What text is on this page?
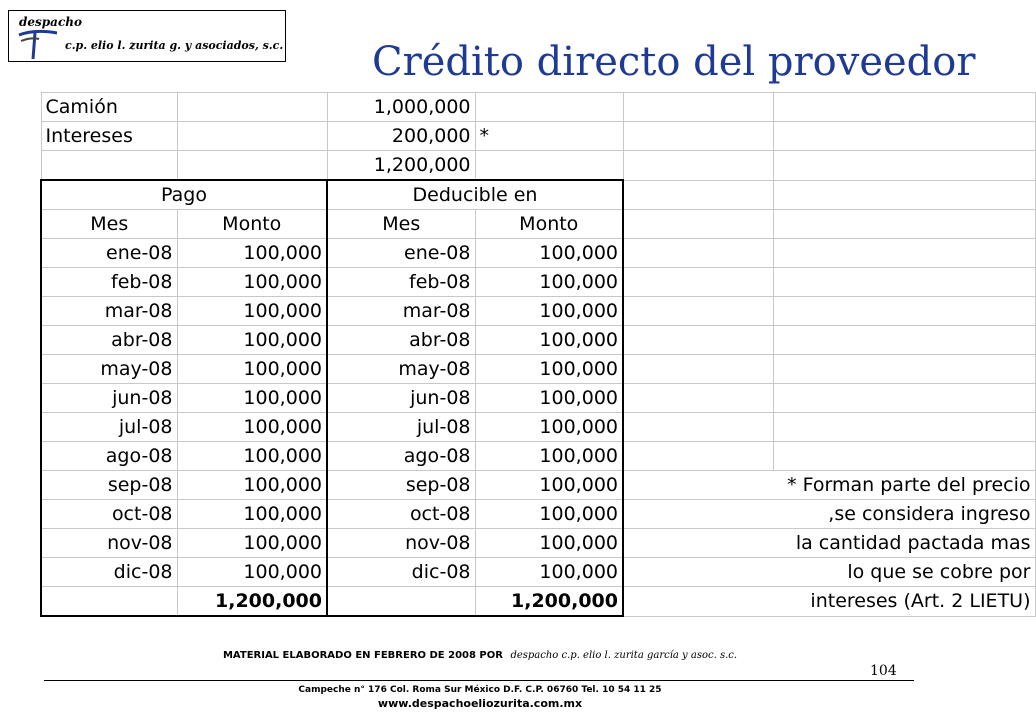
despacho
c.p. elio l. zurita g. y asociados, s.c. Crédito directo del proveedor
Camión		1,000,000			
Intereses		200,000	*		
		1,200,000			
Pago		Deducible en			
Mes	Monto	Mes	Monto		
ene-08	100,000	ene-08	100,000		
feb-08	100,000	feb-08	100,000		
mar-08	100,000	mar-08	100,000		
abr-08	100,000	abr-08	100,000		
may-08	100,000	may-08	100,000		
jun-08	100,000	jun-08	100,000		
jul-08	100,000	jul-08	100,000		
ago-08	100,000	ago-08	100,000		
sep-08	100,000	sep-08	100,000	* Forman parte del precio	
oct-08	100,000	oct-08	100,000	,se considera ingreso	
nov-08	100,000	nov-08	100,000	la cantidad pactada mas	
dic-08	100,000	dic-08	100,000	lo que se cobre por	
	1,200,000		1,200,000	intereses (Art. 2 LIETU)	
MATERIAL ELABORADO EN FEBRERO DE 2008 POR despacho c.p. elio l. zurita garcía y asoc. s.c.
104
Campeche n° 176 Col. Roma Sur México D.F. C.P. 06760 Tel. 10 54 11 25
www.despachoeliozurita.com.mx
